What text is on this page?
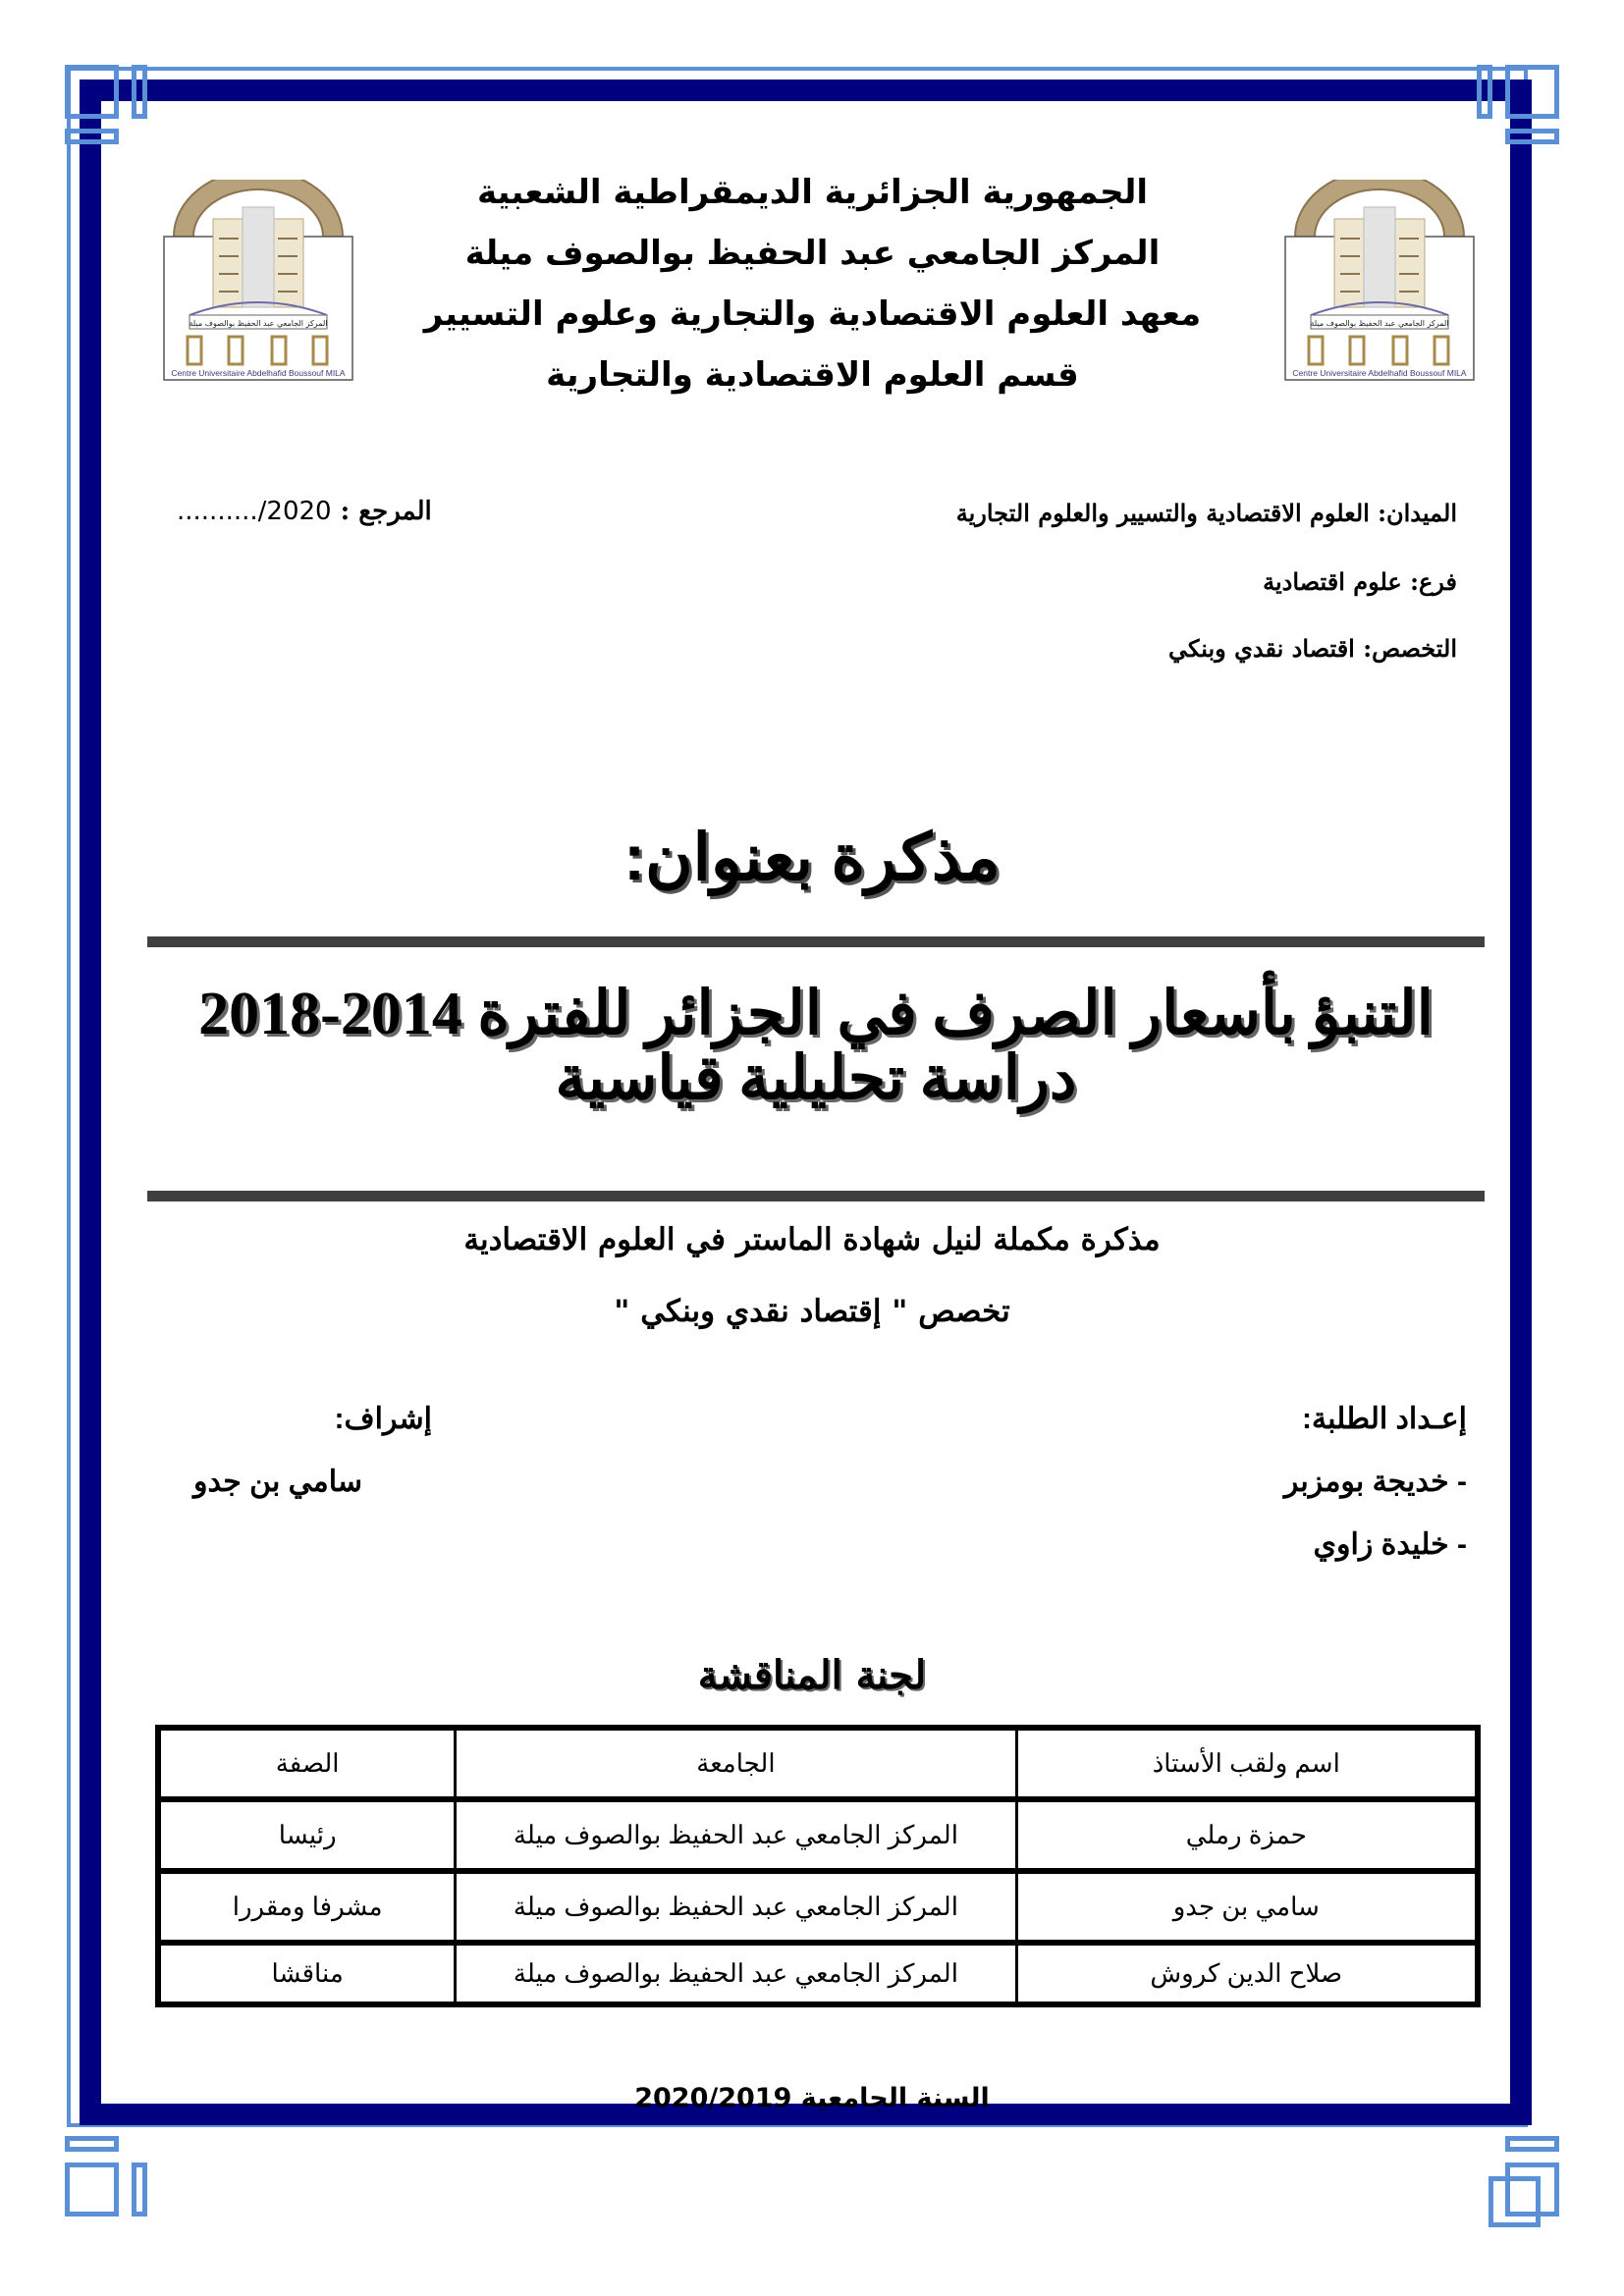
المركز الجامعي عبد الحفيظ بوالصوف ميلة
Centre Universitaire Abdelhafid Boussouf MILA
المركز الجامعي عبد الحفيظ بوالصوف ميلة
Centre Universitaire Abdelhafid Boussouf MILA
الجمهورية الجزائرية الديمقراطية الشعبية
المركز الجامعي عبد الحفيظ بوالصوف ميلة
معهد العلوم الاقتصادية والتجارية وعلوم التسيير
قسم العلوم الاقتصادية والتجارية
الميدان: العلوم الاقتصادية والتسيير والعلوم التجارية
فرع: علوم اقتصادية
التخصص: اقتصاد نقدي وبنكي
المرجع : ........../2020
مذكرة بعنوان:
التنبؤ بأسعار الصرف في الجزائر للفترة 2014-2018
دراسة تحليلية قياسية
مذكرة مكملة لنيل شهادة الماستر في العلوم الاقتصادية
تخصص " إقتصاد نقدي وبنكي "
إعـداد الطلبة:
- خديجة بومزبر
- خليدة زاوي
إشراف:
سامي بن جدو
لجنة المناقشة
اسم ولقب الأستاذ	الجامعة	الصفة
حمزة رملي	المركز الجامعي عبد الحفيظ بوالصوف ميلة	رئيسا
سامي بن جدو	المركز الجامعي عبد الحفيظ بوالصوف ميلة	مشرفا ومقررا
صلاح الدين كروش	المركز الجامعي عبد الحفيظ بوالصوف ميلة	مناقشا
السنة الجامعية 2020/2019
